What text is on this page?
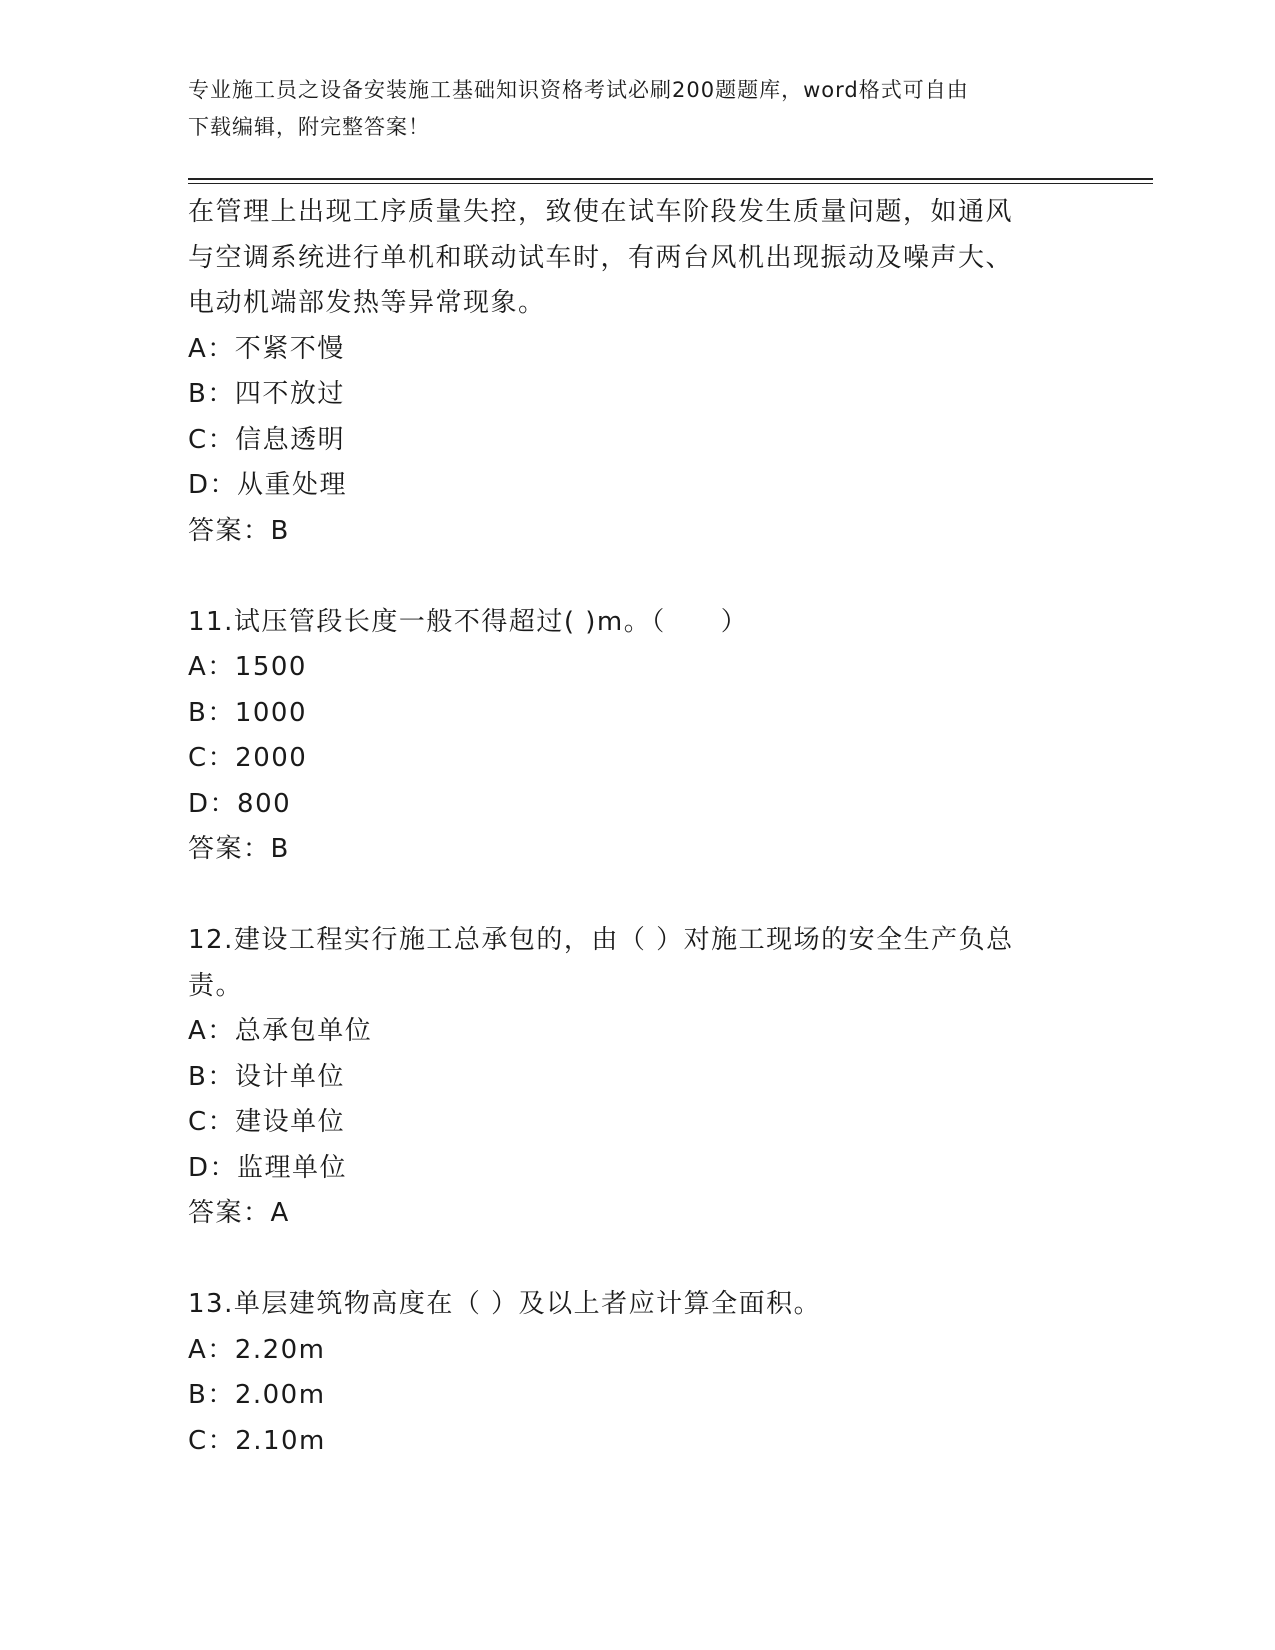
专业施工员之设备安装施工基础知识资格考试必刷200题题库，word格式可自由
下载编辑，附完整答案！
在管理上出现工序质量失控，致使在试车阶段发生质量问题，如通风
与空调系统进行单机和联动试车时，有两台风机出现振动及噪声大、
电动机端部发热等异常现象。
A：不紧不慢
B：四不放过
C：信息透明
D：从重处理
答案：B
11.试压管段长度一般不得超过( )m。（　　）
A：1500
B：1000
C：2000
D：800
答案：B
12.建设工程实行施工总承包的，由（ ）对施工现场的安全生产负总
责。
A：总承包单位
B：设计单位
C：建设单位
D：监理单位
答案：A
13.单层建筑物高度在（ ）及以上者应计算全面积。
A：2.20m
B：2.00m
C：2.10m
